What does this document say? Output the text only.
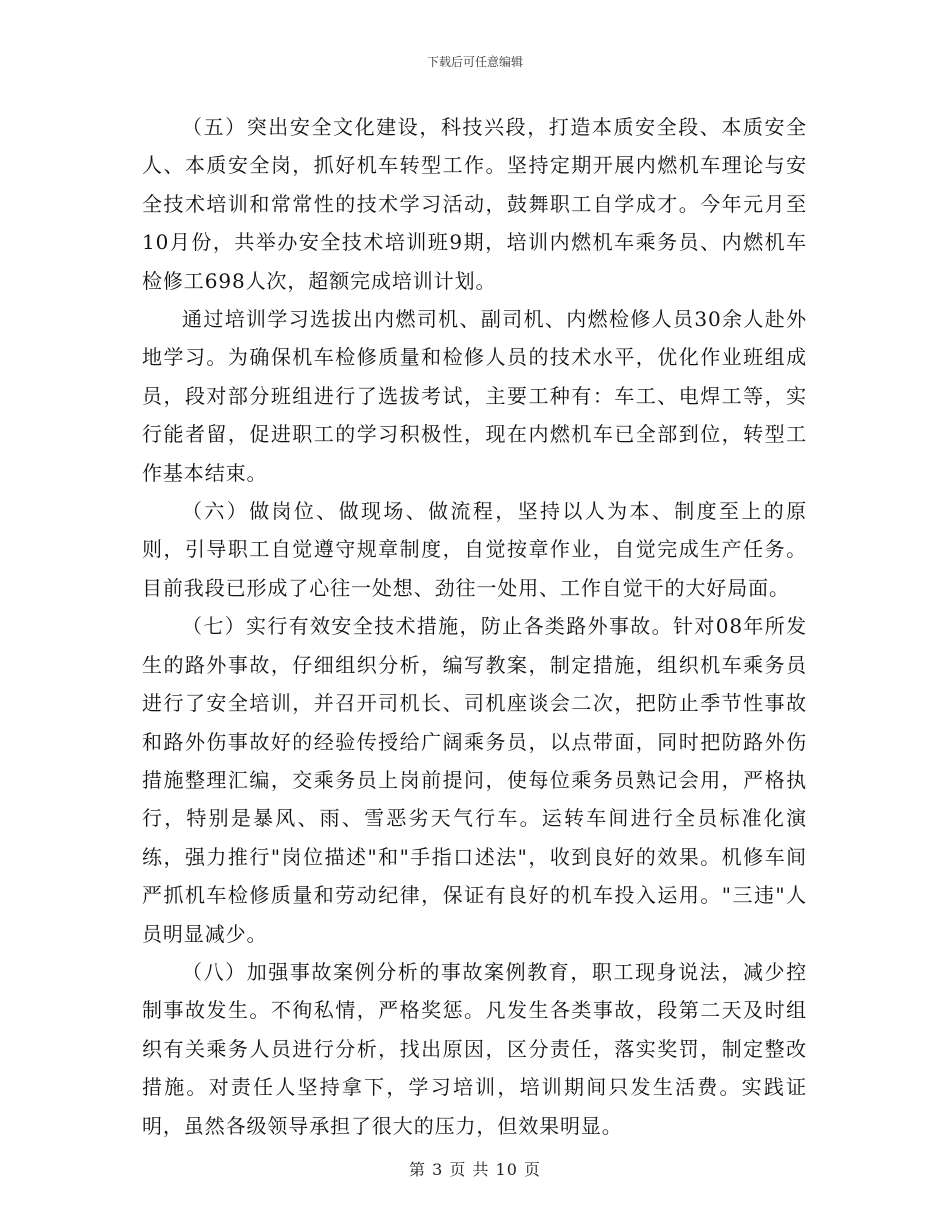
下载后可任意编辑

（五）突出安全文化建设，科技兴段，打造本质安全段、本质安全人、本质安全岗，抓好机车转型工作。坚持定期开展内燃机车理论与安全技术培训和常常性的技术学习活动，鼓舞职工自学成才。今年元月至10月份，共举办安全技术培训班9期，培训内燃机车乘务员、内燃机车检修工698人次，超额完成培训计划。

通过培训学习选拔出内燃司机、副司机、内燃检修人员30余人赴外地学习。为确保机车检修质量和检修人员的技术水平，优化作业班组成员，段对部分班组进行了选拔考试，主要工种有：车工、电焊工等，实行能者留，促进职工的学习积极性，现在内燃机车已全部到位，转型工作基本结束。

（六）做岗位、做现场、做流程，坚持以人为本、制度至上的原则，引导职工自觉遵守规章制度，自觉按章作业，自觉完成生产任务。目前我段已形成了心往一处想、劲往一处用、工作自觉干的大好局面。

（七）实行有效安全技术措施，防止各类路外事故。针对08年所发生的路外事故，仔细组织分析，编写教案，制定措施，组织机车乘务员进行了安全培训，并召开司机长、司机座谈会二次，把防止季节性事故和路外伤事故好的经验传授给广阔乘务员，以点带面，同时把防路外伤措施整理汇编，交乘务员上岗前提问，使每位乘务员熟记会用，严格执行，特别是暴风、雨、雪恶劣天气行车。运转车间进行全员标准化演练，强力推行"岗位描述"和"手指口述法"，收到良好的效果。机修车间严抓机车检修质量和劳动纪律，保证有良好的机车投入运用。"三违"人员明显减少。

（八）加强事故案例分析的事故案例教育，职工现身说法，减少控制事故发生。不徇私情，严格奖惩。凡发生各类事故，段第二天及时组织有关乘务人员进行分析，找出原因，区分责任，落实奖罚，制定整改措施。对责任人坚持拿下，学习培训，培训期间只发生活费。实践证明，虽然各级领导承担了很大的压力，但效果明显。

第 3 页 共 10 页
